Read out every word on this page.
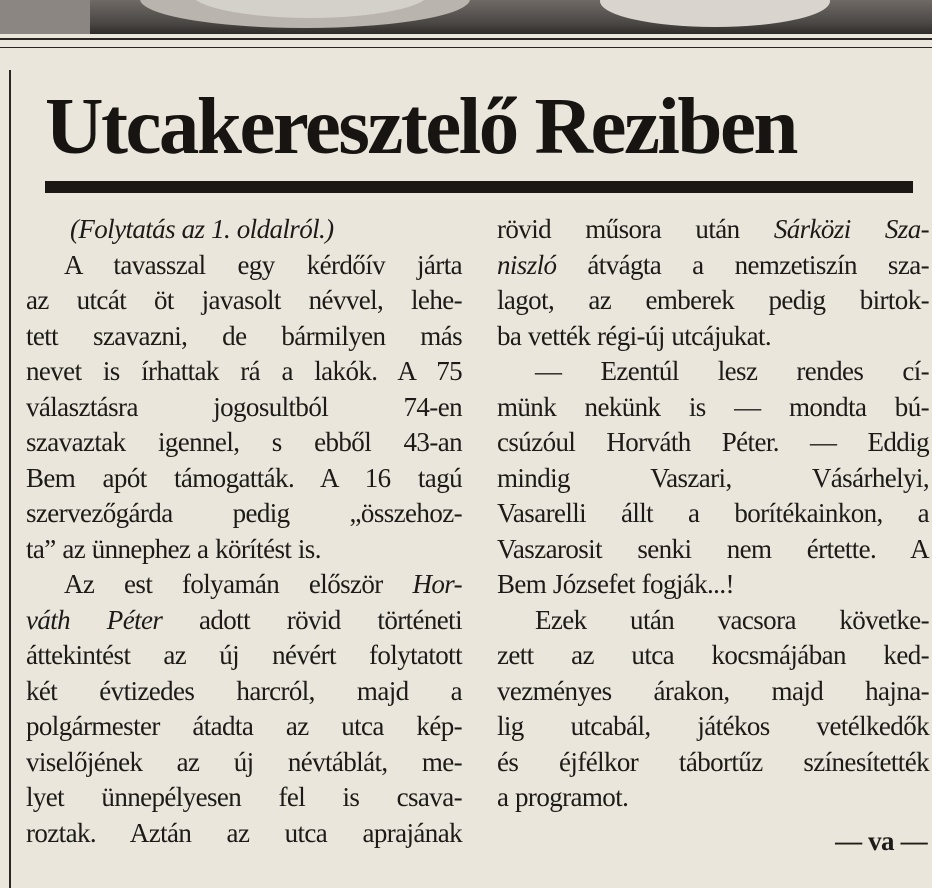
Utcakeresztelő Reziben
(Folytatás az 1. oldalról.)
A tavasszal egy kérdőív járta
az utcát öt javasolt névvel, lehe-
tett szavazni, de bármilyen más
nevet is írhattak rá a lakók. A 75
választásra jogosultból 74-en
szavaztak igennel, s ebből 43-an
Bem apót támogatták. A 16 tagú
szervezőgárda pedig „összehoz-
ta” az ünnephez a körítést is.
Az est folyamán először Hor-
váth Péter adott rövid történeti
áttekintést az új névért folytatott
két évtizedes harcról, majd a
polgármester átadta az utca kép-
viselőjének az új névtáblát, me-
lyet ünnepélyesen fel is csava-
roztak. Aztán az utca aprajának
rövid műsora után Sárközi Sza-
niszló átvágta a nemzetiszín sza-
lagot, az emberek pedig birtok-
ba vették régi-új utcájukat.
— Ezentúl lesz rendes cí-
münk nekünk is — mondta bú-
csúzóul Horváth Péter. — Eddig
mindig Vaszari, Vásárhelyi,
Vasarelli állt a borítékainkon, a
Vaszarosit senki nem értette. A
Bem Józsefet fogják...!
Ezek után vacsora követke-
zett az utca kocsmájában ked-
vezményes árakon, majd hajna-
lig utcabál, játékos vetélkedők
és éjfélkor tábortűz színesítették
a programot.
— va —
